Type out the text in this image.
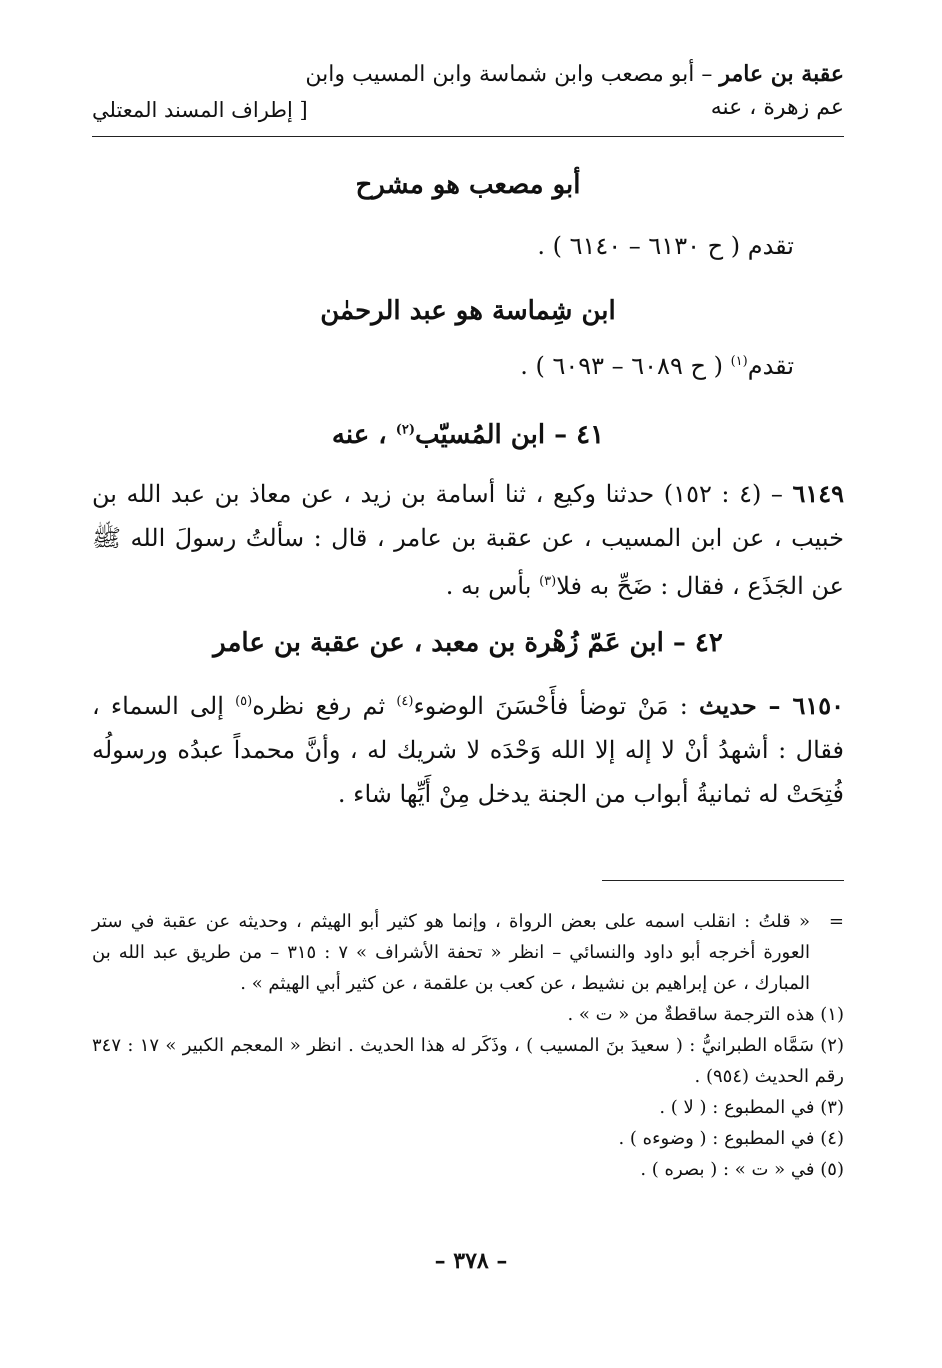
عقبة بن عامر – أبو مصعب وابن شماسة وابن المسيب وابن عم زهرة ، عنه
[ إطراف المسند المعتلي
أبو مصعب هو مشرح
تقدم ( ح ٦١٣٠ – ٦١٤٠ ) .
ابن شِماسة هو عبد الرحمٰن
تقدم$^{(١)}$ ( ح ٦٠٨٩ – ٦٠٩٣ ) .
٤١ – ابن المُسيّب$^{(٢)}$ ، عنه
٦١٤٩ – (٤ : ١٥٢) حدثنا وكيع ، ثنا أسامة بن زيد ، عن معاذ بن عبد الله بن خبيب ، عن ابن المسيب ، عن عقبة بن عامر ، قال : سألتُ رسولَ الله ﷺ عن الجَذَع ، فقال : ضَحِّ به فلا$^{(٣)}$ بأس به .
٤٢ – ابن عَمّ زُهْرة بن معبد ، عن عقبة بن عامر
٦١٥٠ – حديث : مَنْ توضأ فأَحْسَنَ الوضوء$^{(٤)}$ ثم رفع نظره$^{(٥)}$ إلى السماء ، فقال : أشهدُ أنْ لا إله إلا الله وَحْدَه لا شريك له ، وأنَّ محمداً عبدُه ورسولُه فُتِحَتْ له ثمانيةُ أبواب من الجنة يدخل مِنْ أَيِّها شاء .
=
« قلتُ : انقلب اسمه على بعض الرواة ، وإنما هو كثير أبو الهيثم ، وحديثه عن عقبة في ستر العورة أخرجه أبو داود والنسائي – انظر « تحفة الأشراف » ٧ : ٣١٥ – من طريق عبد الله بن المبارك ، عن إبراهيم بن نشيط ، عن كعب بن علقمة ، عن كثير أبي الهيثم » .
(١) هذه الترجمة ساقطةٌ من « ت » .
(٢) سَمَّاه الطبرانيُّ : ( سعيدَ بنَ المسيب ) ، وذَكَر له هذا الحديث . انظر « المعجم الكبير » ١٧ : ٣٤٧ رقم الحديث (٩٥٤) .
(٣) في المطبوع : ( لا ) .
(٤) في المطبوع : ( وضوءه ) .
(٥) في « ت » : ( بصره ) .
– ٣٧٨ –
